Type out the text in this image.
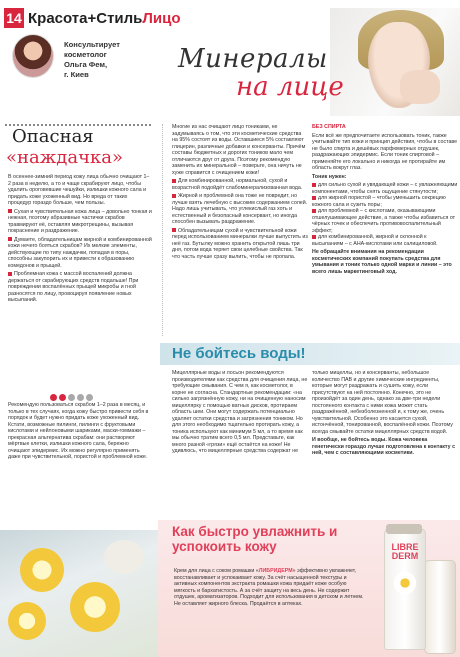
14 Красота+СтильЛицо
Консультирует
косметолог
Ольга Фем,
г. Киев
Минералы
на лице
Опасная
«наждачка»

В осеннее-зимний период кожу лица обычно очищают 1–2 раза в неделю, а то и чаще скрабируют лицо, чтобы удалить ороговевшие чешуйки, излишки кожного сала и придать коже ухоженный вид. Но вреда от таких процедур гораздо больше, чем пользы.

Сухая и чувствительная кожа лица – довольно тонкая и нежная, поэтому абразивные частички скрабов травмируют её, оставляя микротрещины, вызывая покраснение и раздражение.

Думаете, обладательницам жирной и комбинированной кожи нечего бояться скрабов? Их мелкие элементы, действующие по типу наждачки, попадая в поры, способны закупорить их и привести к образованию комедонов и прыщей.

Проблемная кожа с массой воспалений должна держаться от скрабирующих средств подальше! При повреждении воспалённых прыщей микробы и гной разносятся по лицу, провоцируя появление новых высыпаний.

Рекомендую пользоваться скрабом 1–2 раза в месяц, и только в тех случаях, когда кожу быстро привести себя в порядок и будет нужно придать коже ухоженный вид. Кстати, возможные пилинги, пилинги с фруктовыми кислотами и нейлоновыми шариками, маски-гоммажи – прекрасная альтернатива скрабам: они растворяют мёртвые клетки, излишки кожного сала, бережно очищают эпидермис. Их можно регулярно применять даже при чувствительной, пористой и проблемной коже.

Многие из нас очищают лицо тониками, не задумываясь о том, что эти косметические средства на 95% состоят из воды. Оставшиеся 5% составляют глицерин, различные добавки и консерванты. Причём составы бюджетных и дорогих тоников мало чем отличаются друг от друга. Поэтому рекомендую заменить их минеральной – поверьте, она ничуть не хуже справится с очищением кожи!

Для комбинированной, нормальной, сухой и возрастной подойдёт слабоминерализованная вода.

Жирной и проблемной она тоже не повредит, но лучше взять лечебную с высоким содержанием солей. Надо лишь учитывать, что углекислый газ хоть и естественный и безопасный консервант, но иногда способен вызывать раздражение.

Обладательницам сухой и чувствительной кожи перед использованием минералки лучше выпустить из неё газ. Бутылку можно хранить открытой лишь три дня, потом вода теряет свои целебные свойства. Так что часть лучше сразу вылить, чтобы не пропала.

БЕЗ СПИРТА

Если всё же предпочитаете использовать тоник, также учитывайте тип кожи и принцип действия, чтобы в составе не было спирта и дешёвых парфюмерных отдушек, раздражающих эпидермис. Если тоник спиртовой – применяйте его локально и никогда не протирайте им область вокруг глаз.

Тоник нужен:

для сильно сухой и увядающей кожи – с увлажняющими компонентами, чтобы снять ощущение стянутости;

для жирной пористой – чтобы уменьшить секрецию кожного сала и сузить поры;

для проблемной – с кислотами, оказывающими отшелушивающее действие, а также чтобы избавиться от чёрных точек и обеспечить противовоспалительный эффект;

для комбинированной, жирной и склонной к высыпаниям – с АНА-кислотами или салициловой.

Не обращайте внимания на рекомендации косметических компаний покупать средства для умывания и тоник только одной марки и линии – это всего лишь маркетинговый ход.

Не бойтесь воды!

Мицеллярные воды и лосьон рекомендуются производителями как средства для очищения лица, не требующие смывания. С чем я, как косметолог, в корне не согласна. Стандартные рекомендации: «на сильно загрязнённую кожу, ни на очищенную наносим мицеллярку с помощью ватных дисков, протираем область шеи. Они могут содержать потенциально удаляет остатки средства и загрязнения тоником. Но для этого необходимо тщательно протирать кожу, а тоника используют как минимум 5 мл, а то время как мы обычно тратим всего 0,5 мл. Представьте, как много разной «грязи» ещё остаётся на коже! Не удивлюсь, что мицеллярные средства содержат не

только мицеллы, но и консерванты, небольшое количество ПАВ и другие химические ингредиенты, которые могут раздражать и сушить кожу, если присутствуют на ней постоянно. Конечно, это не произойдёт за один день, однако за две-три недели постоянного контакта с ними кожа может стать раздражённой, небезболезненной и, к тому же, очень чувствительной. Особенно это касается сухой, истончённой, тонированной, воспалённой кожи. Поэтому всегда смывайте остатки мицеллярных средств водой.

И вообще, не бойтесь воды. Кожа человека генетически гораздо лучше подготовлена к контакту с ней, чем с составляющими косметики.

Как быстро увлажнить и успокоить кожу
Крем для лица с соком ромашки «ЛИБРИДЕРМ» эффективно увлажняет, восстанавливает и успокаивает кожу. За счёт насыщенной текстуры и активных компонентов экстракта ромашки кожа придаёт коже особую мягкость и бархатистость. А за счёт защиту на весь день. Не содержит отдушек, ароматизаторов. Подходит для использования в детском и летнем. Не оставляет жирного блеска. Продаётся в аптеках.
LIBRE DERM
